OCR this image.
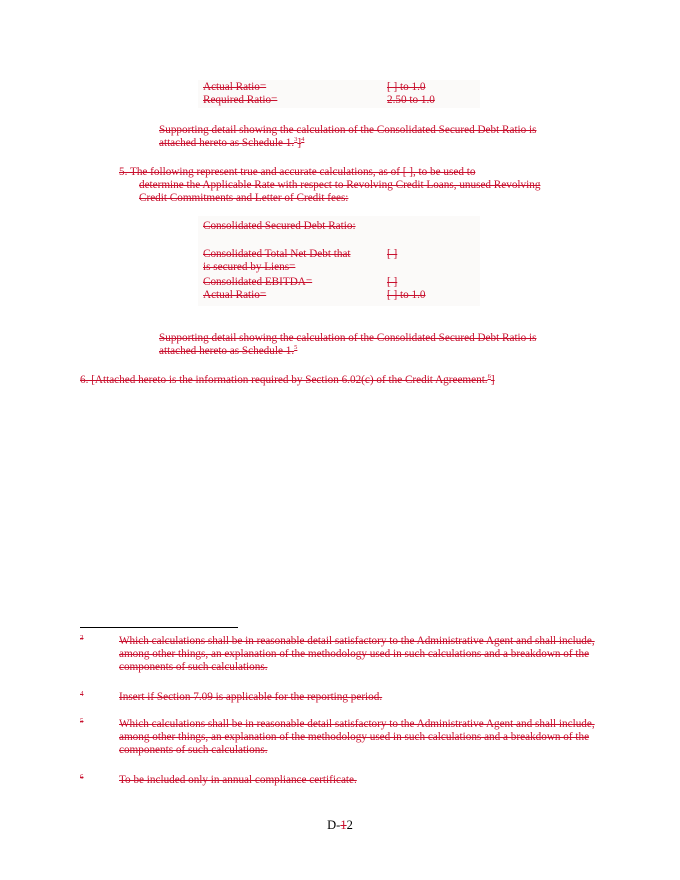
Actual Ratio=	[ ] to 1.0
Required Ratio=	2.50 to 1.0
Supporting detail showing the calculation of the Consolidated Secured Debt Ratio is
attached hereto as Schedule 1.$^3$]$^4$
5. The following represent true and accurate calculations, as of [ ], to be used to
determine the Applicable Rate with respect to Revolving Credit Loans, unused Revolving
Credit Commitments and Letter of Credit fees:
Consolidated Secured Debt Ratio:
Consolidated Total Net Debt that	[ ]
is secured by Liens=
Consolidated EBITDA=	[ ]
Actual Ratio=	[ ] to 1.0
Supporting detail showing the calculation of the Consolidated Secured Debt Ratio is
attached hereto as Schedule 1.$^5$
6. [Attached hereto is the information required by Section 6.02(c) of the Credit Agreement.$^6$]
3	Which calculations shall be in reasonable detail satisfactory to the Administrative Agent and shall include, among other things, an explanation of the methodology used in such calculations and a breakdown of the components of such calculations.
4	Insert if Section 7.09 is applicable for the reporting period.
5	Which calculations shall be in reasonable detail satisfactory to the Administrative Agent and shall include, among other things, an explanation of the methodology used in such calculations and a breakdown of the components of such calculations.
6	To be included only in annual compliance certificate.
D-12
